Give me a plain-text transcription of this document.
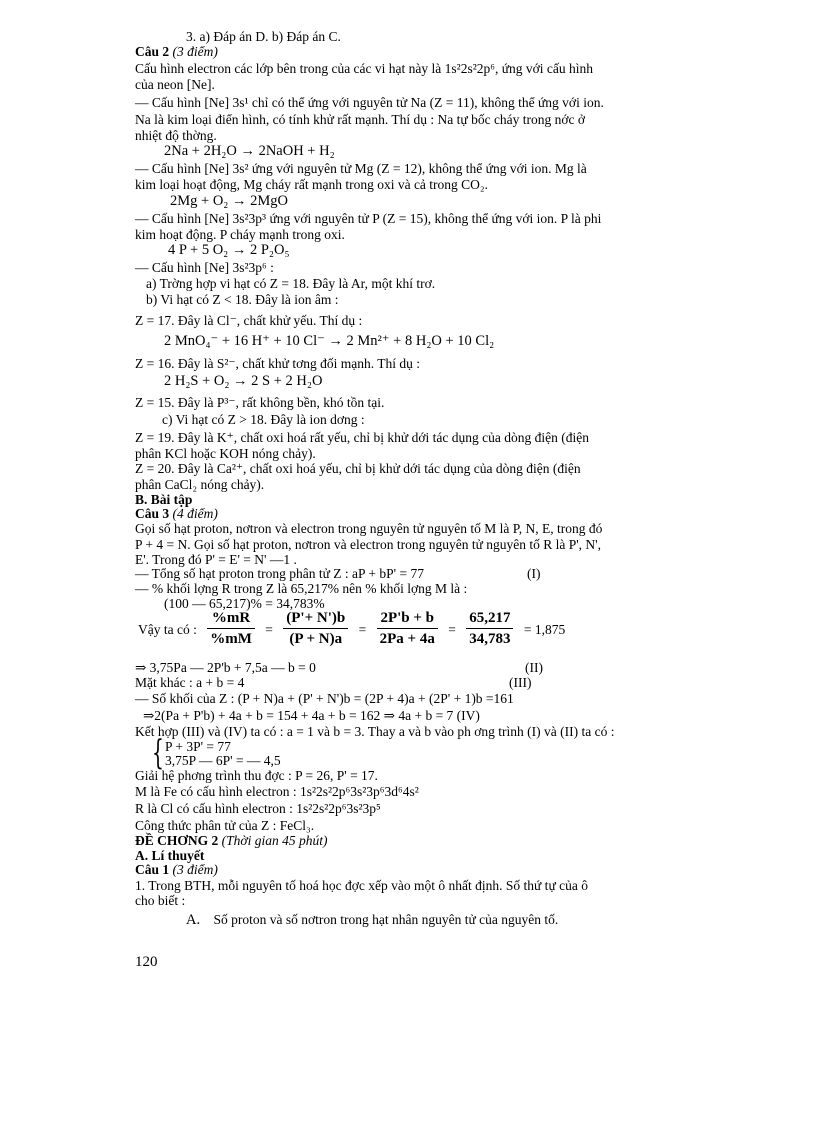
3. a) Đáp án D. b) Đáp án C.
Câu 2 (3 điểm)
Cấu hình electron các lớp bên trong của các vi hạt này là 1s²2s²2p⁶, ứng với cấu hình
của neon [Ne].
— Cấu hình [Ne] 3s¹ chỉ có thể ứng với nguyên tử Na (Z = 11), không thể ứng với ion.
Na là kim loại điển hình, có tính khử rất mạnh. Thí dụ : Na tự bốc cháy trong nớc ở
nhiệt độ thờng.
2Na + 2H₂O → 2NaOH + H₂
— Cấu hình [Ne] 3s² ứng với nguyên tử Mg (Z = 12), không thể ứng với ion. Mg là
kim loại hoạt động, Mg cháy rất mạnh trong oxi và cả trong CO₂.
2Mg + O₂ → 2MgO
— Cấu hình [Ne] 3s²3p³ ứng với nguyên tử P (Z = 15), không thể ứng với ion. P là phi
kim hoạt động. P cháy mạnh trong oxi.
4 P + 5 O₂ → 2 P₂O₅
— Cấu hình [Ne] 3s²3p⁶ :
a) Trờng hợp vi hạt có Z = 18. Đây là Ar, một khí trơ.
b) Vi hạt có Z < 18. Đây là ion âm :
Z = 17. Đây là Cl⁻, chất khử yếu. Thí dụ :
2 MnO₄⁻ + 16 H⁺ + 10 Cl⁻ → 2 Mn²⁺ + 8 H₂O + 10 Cl₂
Z = 16. Đây là S²⁻, chất khử tơng đối mạnh. Thí dụ :
2 H₂S + O₂ → 2 S + 2 H₂O
Z = 15. Đây là P³⁻, rất không bền, khó tồn tại.
c) Vi hạt có Z > 18. Đây là ion dơng :
Z = 19. Đây là K⁺, chất oxi hoá rất yếu, chỉ bị khử dới tác dụng của dòng điện (điện
phân KCl hoặc KOH nóng chảy).
Z = 20. Đây là Ca²⁺, chất oxi hoá yếu, chỉ bị khử dới tác dụng của dòng điện (điện
phân CaCl₂ nóng chảy).
B. Bài tập
Câu 3 (4 điểm)
Gọi số hạt proton, nơtron và electron trong nguyên tử nguyên tố M là P, N, E, trong đó
P + 4 = N. Gọi số hạt proton, nơtron và electron trong nguyên tử nguyên tố R là P', N',
E'. Trong đó P' = E' = N' —1 .
— Tổng số hạt proton trong phân tử Z : aP + bP' = 77	(I)
— % khối lợng R trong Z là 65,217% nên % khối lợng M là :
(100 — 65,217)% = 34,783%
Vậy ta có : $\frac{\%mR}{\%mM} = \frac{(P'+ N')b}{(P + N)a} = \frac{2P'b + b}{2Pa + 4a} = \frac{65,217}{34,783} = 1,875$
⇒ 3,75Pa — 2P'b + 7,5a — b = 0	(II)
Mặt khác : a + b = 4	(III)
— Số khối của Z : (P + N)a + (P' + N')b = (2P + 4)a + (2P' + 1)b =161
⇒2(Pa + P'b) + 4a + b = 154 + 4a + b = 162 ⇒ 4a + b = 7 (IV)
Kết hợp (III) và (IV) ta có : a = 1 và b = 3. Thay a và b vào ph ơng trình (I) và (II) ta có :
{ P + 3P' = 77
3,75P — 6P' = — 4,5
Giải hệ phơng trình thu đợc : P = 26, P' = 17.
M là Fe có cấu hình electron : 1s²2s²2p⁶3s²3p⁶3d⁶4s²
R là Cl có cấu hình electron : 1s²2s²2p⁶3s²3p⁵
Công thức phân tử của Z : FeCl₃.
ĐỀ CHƠNG 2 (Thời gian 45 phút)
A. Lí thuyết
Câu 1 (3 điểm)
1. Trong BTH, mỗi nguyên tố hoá học đợc xếp vào một ô nhất định. Số thứ tự của ô
cho biết :
A. Số proton và số nơtron trong hạt nhân nguyên tử của nguyên tố.
120
